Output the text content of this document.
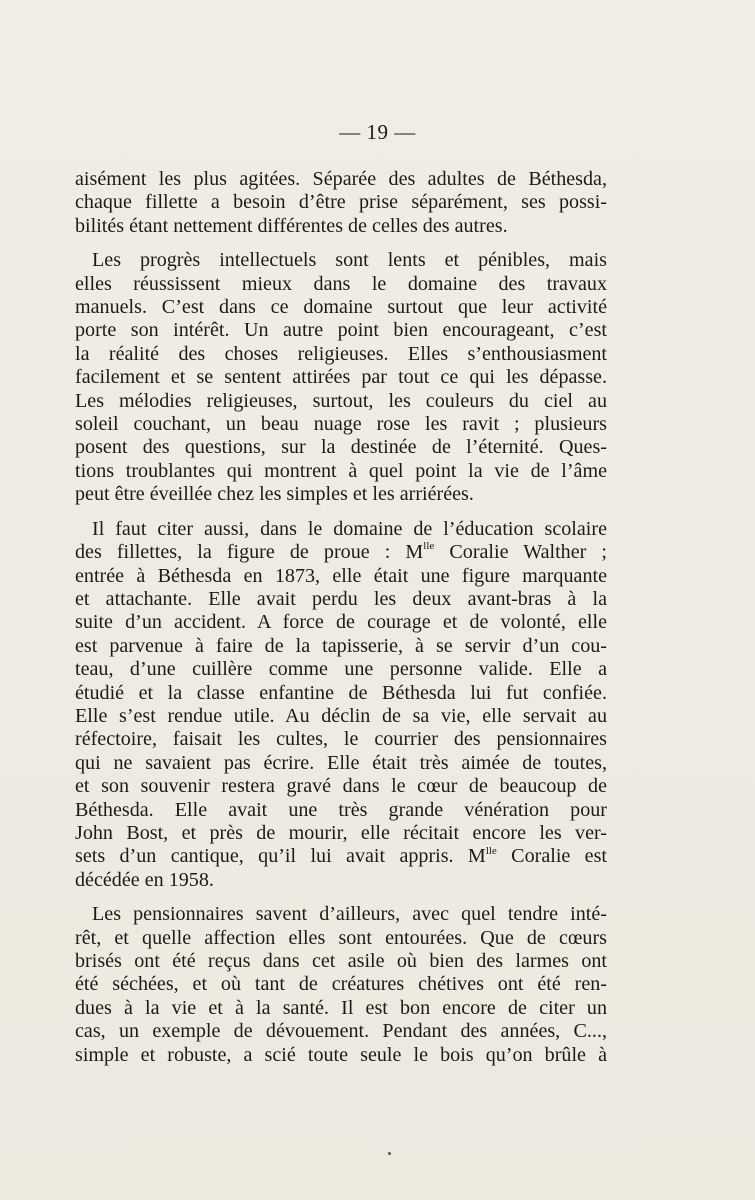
— 19 —
aisément les plus agitées. Séparée des adultes de Béthesda,
chaque fillette a besoin d’être prise séparément, ses possi-
bilités étant nettement différentes de celles des autres.
Les progrès intellectuels sont lents et pénibles, mais
elles réussissent mieux dans le domaine des travaux
manuels. C’est dans ce domaine surtout que leur activité
porte son intérêt. Un autre point bien encourageant, c’est
la réalité des choses religieuses. Elles s’enthousiasment
facilement et se sentent attirées par tout ce qui les dépasse.
Les mélodies religieuses, surtout, les couleurs du ciel au
soleil couchant, un beau nuage rose les ravit ; plusieurs
posent des questions, sur la destinée de l’éternité. Ques-
tions troublantes qui montrent à quel point la vie de l’âme
peut être éveillée chez les simples et les arriérées.
Il faut citer aussi, dans le domaine de l’éducation scolaire
des fillettes, la figure de proue : $M^{lle}$ Coralie Walther ;
entrée à Béthesda en 1873, elle était une figure marquante
et attachante. Elle avait perdu les deux avant-bras à la
suite d’un accident. A force de courage et de volonté, elle
est parvenue à faire de la tapisserie, à se servir d’un cou-
teau, d’une cuillère comme une personne valide. Elle a
étudié et la classe enfantine de Béthesda lui fut confiée.
Elle s’est rendue utile. Au déclin de sa vie, elle servait au
réfectoire, faisait les cultes, le courrier des pensionnaires
qui ne savaient pas écrire. Elle était très aimée de toutes,
et son souvenir restera gravé dans le cœur de beaucoup de
Béthesda. Elle avait une très grande vénération pour
John Bost, et près de mourir, elle récitait encore les ver-
sets d’un cantique, qu’il lui avait appris. $M^{lle}$ Coralie est
décédée en 1958.
Les pensionnaires savent d’ailleurs, avec quel tendre inté-
rêt, et quelle affection elles sont entourées. Que de cœurs
brisés ont été reçus dans cet asile où bien des larmes ont
été séchées, et où tant de créatures chétives ont été ren-
dues à la vie et à la santé. Il est bon encore de citer un
cas, un exemple de dévouement. Pendant des années, C...,
simple et robuste, a scié toute seule le bois qu’on brûle à
